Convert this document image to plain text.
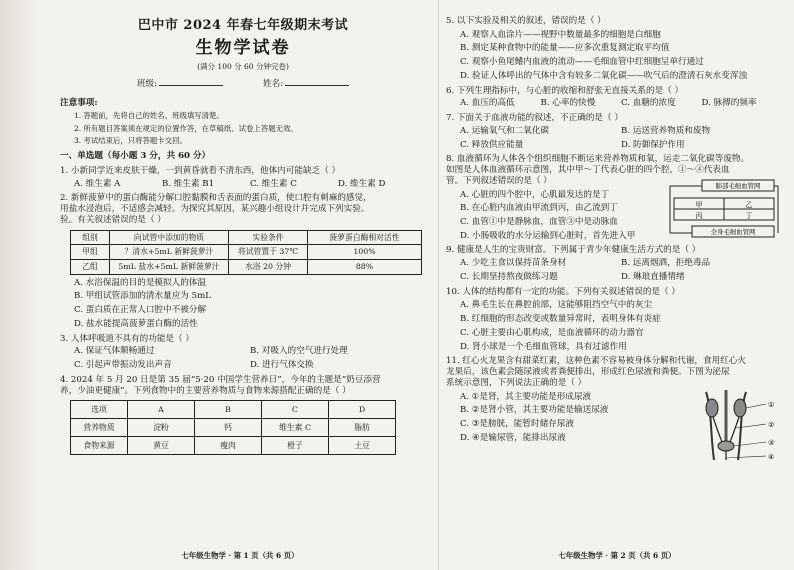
巴中市 2024 年春七年级期末考试
生物学试卷
(满分 100 分 60 分钟完卷)
班级:	姓名:
注意事项:
1. 答题前，先将自己的姓名、班级填写清楚。
2. 所有题目答案须在规定的位置作答，在草稿纸、试卷上答题无效。
3. 考试结束后，只将答题卡交回。
一、单选题（每小题 3 分，共 60 分）
1. 小新同学近来皮肤干燥，一到黄昏就看不清东西，他体内可能缺乏（ ）
A. 维生素 A	B. 维生素 B1	C. 维生素 C	D. 维生素 D
2. 新鲜菠萝中的蛋白酶能分解口腔黏膜和舌表面的蛋白质，使口腔有刺麻的感觉，
用盐水浸泡后，不适感会减轻。为探究其原因，某兴趣小组设计并完成下列实验。
验。有关叙述错误的是（ ）
组别	向试管中添加的物质	实验条件	菠萝蛋白酶相对活性
甲组	？清水+5mL 新鲜菠萝汁	将试管置于 37℃	100%
乙组	5mL 盐水+5mL 新鲜菠萝汁	水浴 20 分钟	88%
A. 水浴保温的目的是模拟人的体温
B. 甲组试管添加的清水量应为 5mL
C. 蛋白质在正常人口腔中不被分解
D. 盐水能提高菠萝蛋白酶的活性
3. 人体呼吸道不具有的功能是（ ）
A. 保证气体顺畅通过	B. 对吸入的空气进行处理
C. 引起声带振动发出声音	D. 进行气体交换
4. 2024 年 5 月 20 日是第 35 届“5·20 中国学生营养日”，今年的主题是“奶豆添营
养，少油更健康”。下列食物中的主要营养物质与食物来源搭配正确的是（ ）
选项	A	B	C	D
营养物质	淀粉	钙	维生素 C	脂肪
食物来源	黄豆	瘦肉	橙子	土豆
七年级生物学 · 第 1 页（共 6 页）
5. 以下实验及相关的叙述，错误的是（ ）
A. 观察人血涂片——视野中数量最多的细胞是白细胞
B. 测定某种食物中的能量——应多次重复测定取平均值
C. 观察小鱼尾鳍内血液的流动——毛细血管中红细胞呈单行通过
D. 验证人体呼出的气体中含有较多二氧化碳——吹气后的澄清石灰水变浑浊
6. 下列生理指标中，与心脏的收缩和舒张无直接关系的是（ ）
A. 血压的高低	B. 心率的快慢	C. 血糖的浓度	D. 脉搏的频率
7. 下面关于血液功能的叙述，不正确的是（ ）
A. 运输氧气和二氧化碳	B. 运送营养物质和废物
C. 释放供应能量	D. 防御保护作用
8. 血液循环为人体各个组织细胞不断运来营养物质和氧，运走二氧化碳等废物。
如图是人体血液循环示意图，其中甲～丁代表心脏的四个腔，①～④代表血
管。下列叙述错误的是（ ）
A. 心脏的四个腔中，心肌最发达的是丁
B. 在心脏内血液由甲流到丙，由乙流到丁
C. 血管①中是静脉血，血管③中是动脉血
D. 小肠吸收的水分运输到心脏时，首先进入甲
肺部毛细血管网
甲	乙
丙	丁
全身毛细血管网
9. 健康是人生的宝贵财富。下列属于青少年健康生活方式的是（ ）
A. 少吃主食以保持苗条身材	B. 远离烟酒，拒绝毒品
C. 长期坚持熬夜做练习题	D. 琳琅直播情绪
10. 人体的结构都有一定的功能。下列有关叙述错误的是（ ）
A. 鼻毛生长在鼻腔前部，这能够阻挡空气中的灰尘
B. 红细胞的形态改变或数量异常时，表明身体有炎症
C. 心脏主要由心肌构成，是血液循环的动力器官
D. 肾小球是一个毛细血管球，具有过滤作用
11. 红心火龙果含有甜菜红素，这种色素不容易被身体分解和代谢，食用红心火
龙果后，该色素会随尿液或者粪便排出，形成红色尿液和粪便。下图为泌尿
系统示意图，下列说法正确的是（ ）
A. ①是肾，其主要功能是形成尿液
B. ②是肾小管，其主要功能是输送尿液
C. ③是膀胱，能暂时储存尿液
D. ④是输尿管，能排出尿液
①
②
③
④
七年级生物学 · 第 2 页（共 6 页）
